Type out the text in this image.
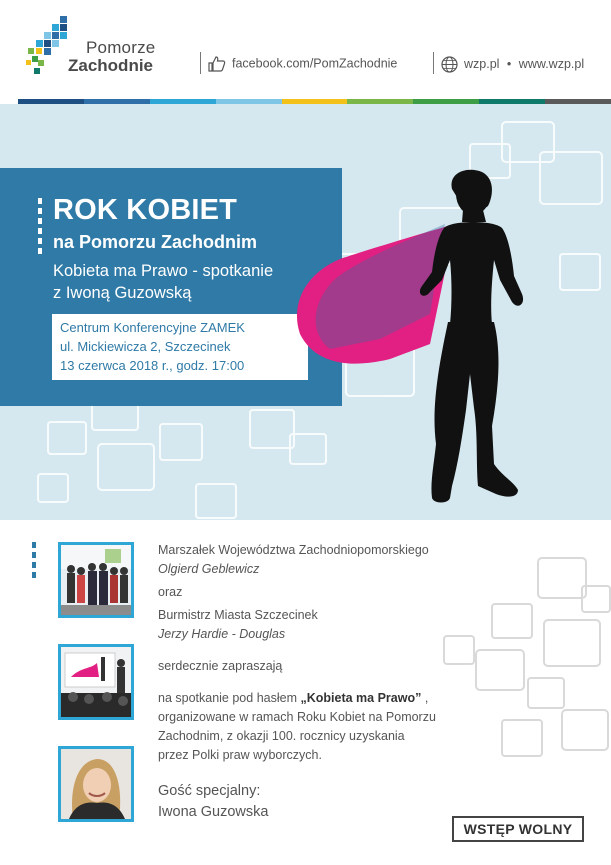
Pomorze
Zachodnie	facebook.com/PomZachodnie	wzp.pl • www.wzp.pl
ROK KOBIET
na Pomorzu Zachodnim
Kobieta ma Prawo - spotkanie
z Iwoną Guzowską
Centrum Konferencyjne ZAMEK
ul. Mickiewicza 2, Szczecinek
13 czerwca 2018 r., godz. 17:00
Marszałek Województwa Zachodniopomorskiego
Olgierd Geblewicz
oraz
Burmistrz Miasta Szczecinek
Jerzy Hardie - Douglas
serdecznie zapraszają
na spotkanie pod hasłem „Kobieta ma Prawo” ,
organizowane w ramach Roku Kobiet na Pomorzu
Zachodnim, z okazji 100. rocznicy uzyskania
przez Polki praw wyborczych.
Gość specjalny:
Iwona Guzowska
WSTĘP WOLNY
